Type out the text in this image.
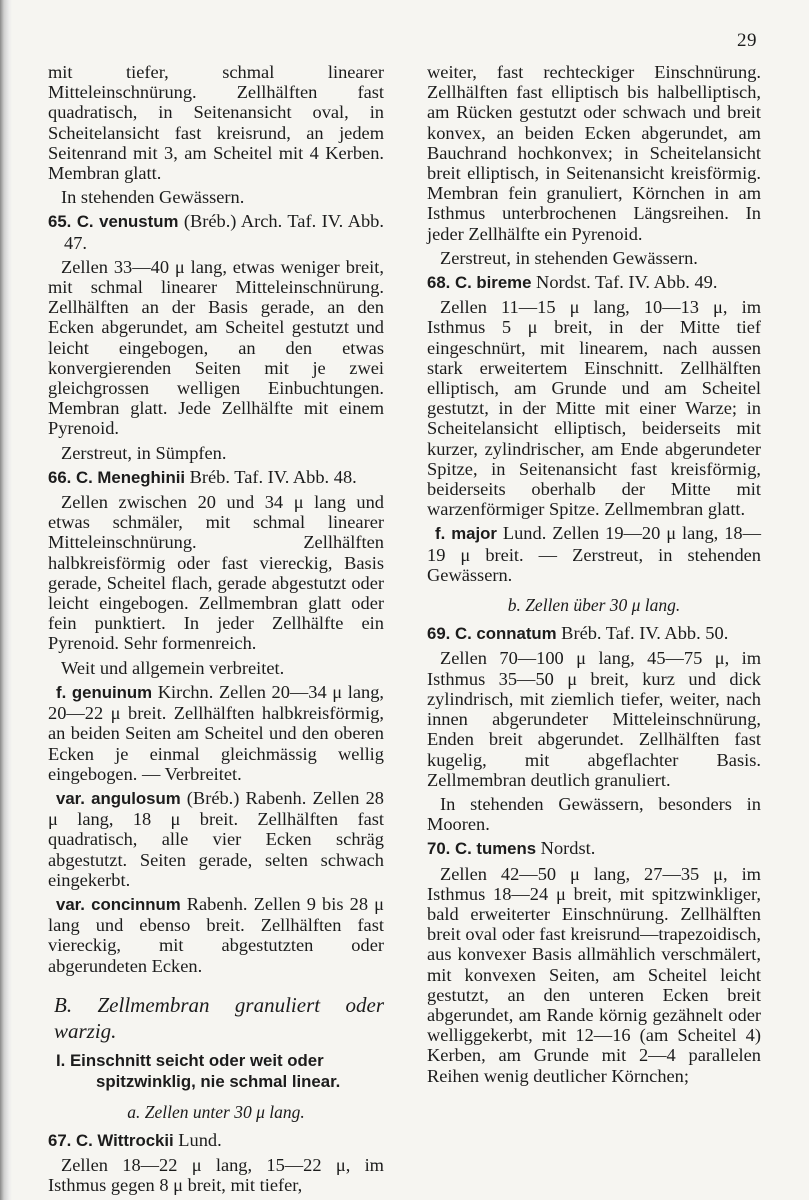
29

mit tiefer, schmal linearer Mitteleinschnürung. Zellhälften fast quadratisch, in Seitenansicht oval, in Scheitelansicht fast kreisrund, an jedem Seitenrand mit 3, am Scheitel mit 4 Kerben. Membran glatt.

In stehenden Gewässern.

65. C. venustum (Bréb.) Arch. Taf. IV. Abb. 47.

Zellen 33—40 μ lang, etwas weniger breit, mit schmal linearer Mitteleinschnürung. Zellhälften an der Basis gerade, an den Ecken abgerundet, am Scheitel gestutzt und leicht eingebogen, an den etwas konvergierenden Seiten mit je zwei gleichgrossen welligen Einbuchtungen. Membran glatt. Jede Zellhälfte mit einem Pyrenoid.

Zerstreut, in Sümpfen.

66. C. Meneghinii Bréb. Taf. IV. Abb. 48.

Zellen zwischen 20 und 34 μ lang und etwas schmäler, mit schmal linearer Mitteleinschnürung. Zellhälften halbkreisförmig oder fast viereckig, Basis gerade, Scheitel flach, gerade abgestutzt oder leicht eingebogen. Zellmembran glatt oder fein punktiert. In jeder Zellhälfte ein Pyrenoid. Sehr formenreich.

Weit und allgemein verbreitet.

f. genuinum Kirchn. Zellen 20—34 μ lang, 20—22 μ breit. Zellhälften halbkreisförmig, an beiden Seiten am Scheitel und den oberen Ecken je einmal gleichmässig wellig eingebogen. — Verbreitet.

var. angulosum (Bréb.) Rabenh. Zellen 28 μ lang, 18 μ breit. Zellhälften fast quadratisch, alle vier Ecken schräg abgestutzt. Seiten gerade, selten schwach eingekerbt.

var. concinnum Rabenh. Zellen 9 bis 28 μ lang und ebenso breit. Zellhälften fast viereckig, mit abgestutzten oder abgerundeten Ecken.

B. Zellmembran granuliert oder warzig.

I. Einschnitt seicht oder weit oder spitzwinklig, nie schmal linear.

a. Zellen unter 30 μ lang.

67. C. Wittrockii Lund.

Zellen 18—22 μ lang, 15—22 μ, im Isthmus gegen 8 μ breit, mit tiefer,

weiter, fast rechteckiger Einschnürung. Zellhälften fast elliptisch bis halbelliptisch, am Rücken gestutzt oder schwach und breit konvex, an beiden Ecken abgerundet, am Bauchrand hochkonvex; in Scheitelansicht breit elliptisch, in Seitenansicht kreisförmig. Membran fein granuliert, Körnchen in am Isthmus unterbrochenen Längsreihen. In jeder Zellhälfte ein Pyrenoid.

Zerstreut, in stehenden Gewässern.

68. C. bireme Nordst. Taf. IV. Abb. 49.

Zellen 11—15 μ lang, 10—13 μ, im Isthmus 5 μ breit, in der Mitte tief eingeschnürt, mit linearem, nach aussen stark erweitertem Einschnitt. Zellhälften elliptisch, am Grunde und am Scheitel gestutzt, in der Mitte mit einer Warze; in Scheitelansicht elliptisch, beiderseits mit kurzer, zylindrischer, am Ende abgerundeter Spitze, in Seitenansicht fast kreisförmig, beiderseits oberhalb der Mitte mit warzenförmiger Spitze. Zellmembran glatt.

f. major Lund. Zellen 19—20 μ lang, 18—19 μ breit. — Zerstreut, in stehenden Gewässern.

b. Zellen über 30 μ lang.

69. C. connatum Bréb. Taf. IV. Abb. 50.

Zellen 70—100 μ lang, 45—75 μ, im Isthmus 35—50 μ breit, kurz und dick zylindrisch, mit ziemlich tiefer, weiter, nach innen abgerundeter Mitteleinschnürung, Enden breit abgerundet. Zellhälften fast kugelig, mit abgeflachter Basis. Zellmembran deutlich granuliert.

In stehenden Gewässern, besonders in Mooren.

70. C. tumens Nordst.

Zellen 42—50 μ lang, 27—35 μ, im Isthmus 18—24 μ breit, mit spitzwinkliger, bald erweiterter Einschnürung. Zellhälften breit oval oder fast kreisrund—trapezoidisch, aus konvexer Basis allmählich verschmälert, mit konvexen Seiten, am Scheitel leicht gestutzt, an den unteren Ecken breit abgerundet, am Rande körnig gezähnelt oder welliggekerbt, mit 12—16 (am Scheitel 4) Kerben, am Grunde mit 2—4 parallelen Reihen wenig deutlicher Körnchen;
